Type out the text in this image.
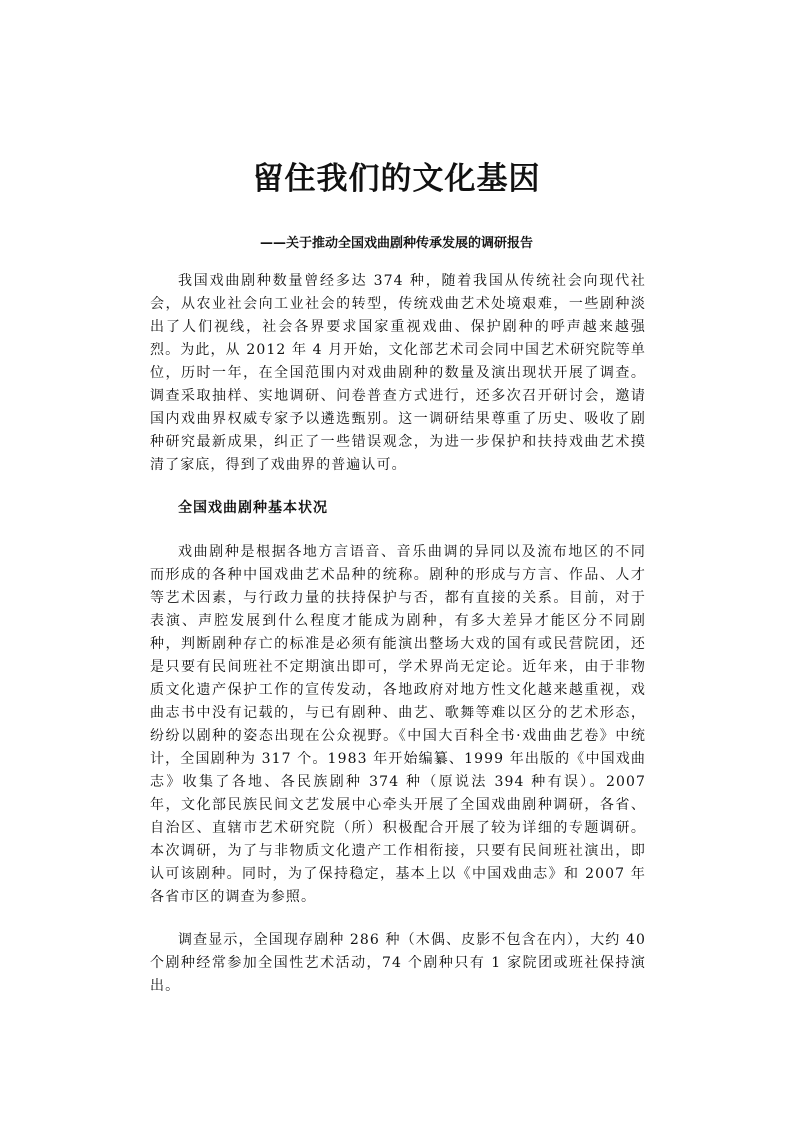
留住我们的文化基因
——关于推动全国戏曲剧种传承发展的调研报告

我国戏曲剧种数量曾经多达 374 种，随着我国从传统社会向现代社会，从农业社会向工业社会的转型，传统戏曲艺术处境艰难，一些剧种淡出了人们视线，社会各界要求国家重视戏曲、保护剧种的呼声越来越强烈。为此，从 2012 年 4 月开始，文化部艺术司会同中国艺术研究院等单位，历时一年，在全国范围内对戏曲剧种的数量及演出现状开展了调查。调查采取抽样、实地调研、问卷普查方式进行，还多次召开研讨会，邀请国内戏曲界权威专家予以遴选甄别。这一调研结果尊重了历史、吸收了剧种研究最新成果，纠正了一些错误观念，为进一步保护和扶持戏曲艺术摸清了家底，得到了戏曲界的普遍认可。

全国戏曲剧种基本状况

戏曲剧种是根据各地方言语音、音乐曲调的异同以及流布地区的不同而形成的各种中国戏曲艺术品种的统称。剧种的形成与方言、作品、人才等艺术因素，与行政力量的扶持保护与否，都有直接的关系。目前，对于表演、声腔发展到什么程度才能成为剧种，有多大差异才能区分不同剧种，判断剧种存亡的标准是必须有能演出整场大戏的国有或民营院团，还是只要有民间班社不定期演出即可，学术界尚无定论。近年来，由于非物质文化遗产保护工作的宣传发动，各地政府对地方性文化越来越重视，戏曲志书中没有记载的，与已有剧种、曲艺、歌舞等难以区分的艺术形态，纷纷以剧种的姿态出现在公众视野。《中国大百科全书·戏曲曲艺卷》中统计，全国剧种为 317 个。1983 年开始编纂、1999 年出版的《中国戏曲志》收集了各地、各民族剧种 374 种（原说法 394 种有误）。2007 年，文化部民族民间文艺发展中心牵头开展了全国戏曲剧种调研，各省、自治区、直辖市艺术研究院（所）积极配合开展了较为详细的专题调研。本次调研，为了与非物质文化遗产工作相衔接，只要有民间班社演出，即认可该剧种。同时，为了保持稳定，基本上以《中国戏曲志》和 2007 年各省市区的调查为参照。

调查显示，全国现存剧种 286 种（木偶、皮影不包含在内），大约 40 个剧种经常参加全国性艺术活动，74 个剧种只有 1 家院团或班社保持演出。
